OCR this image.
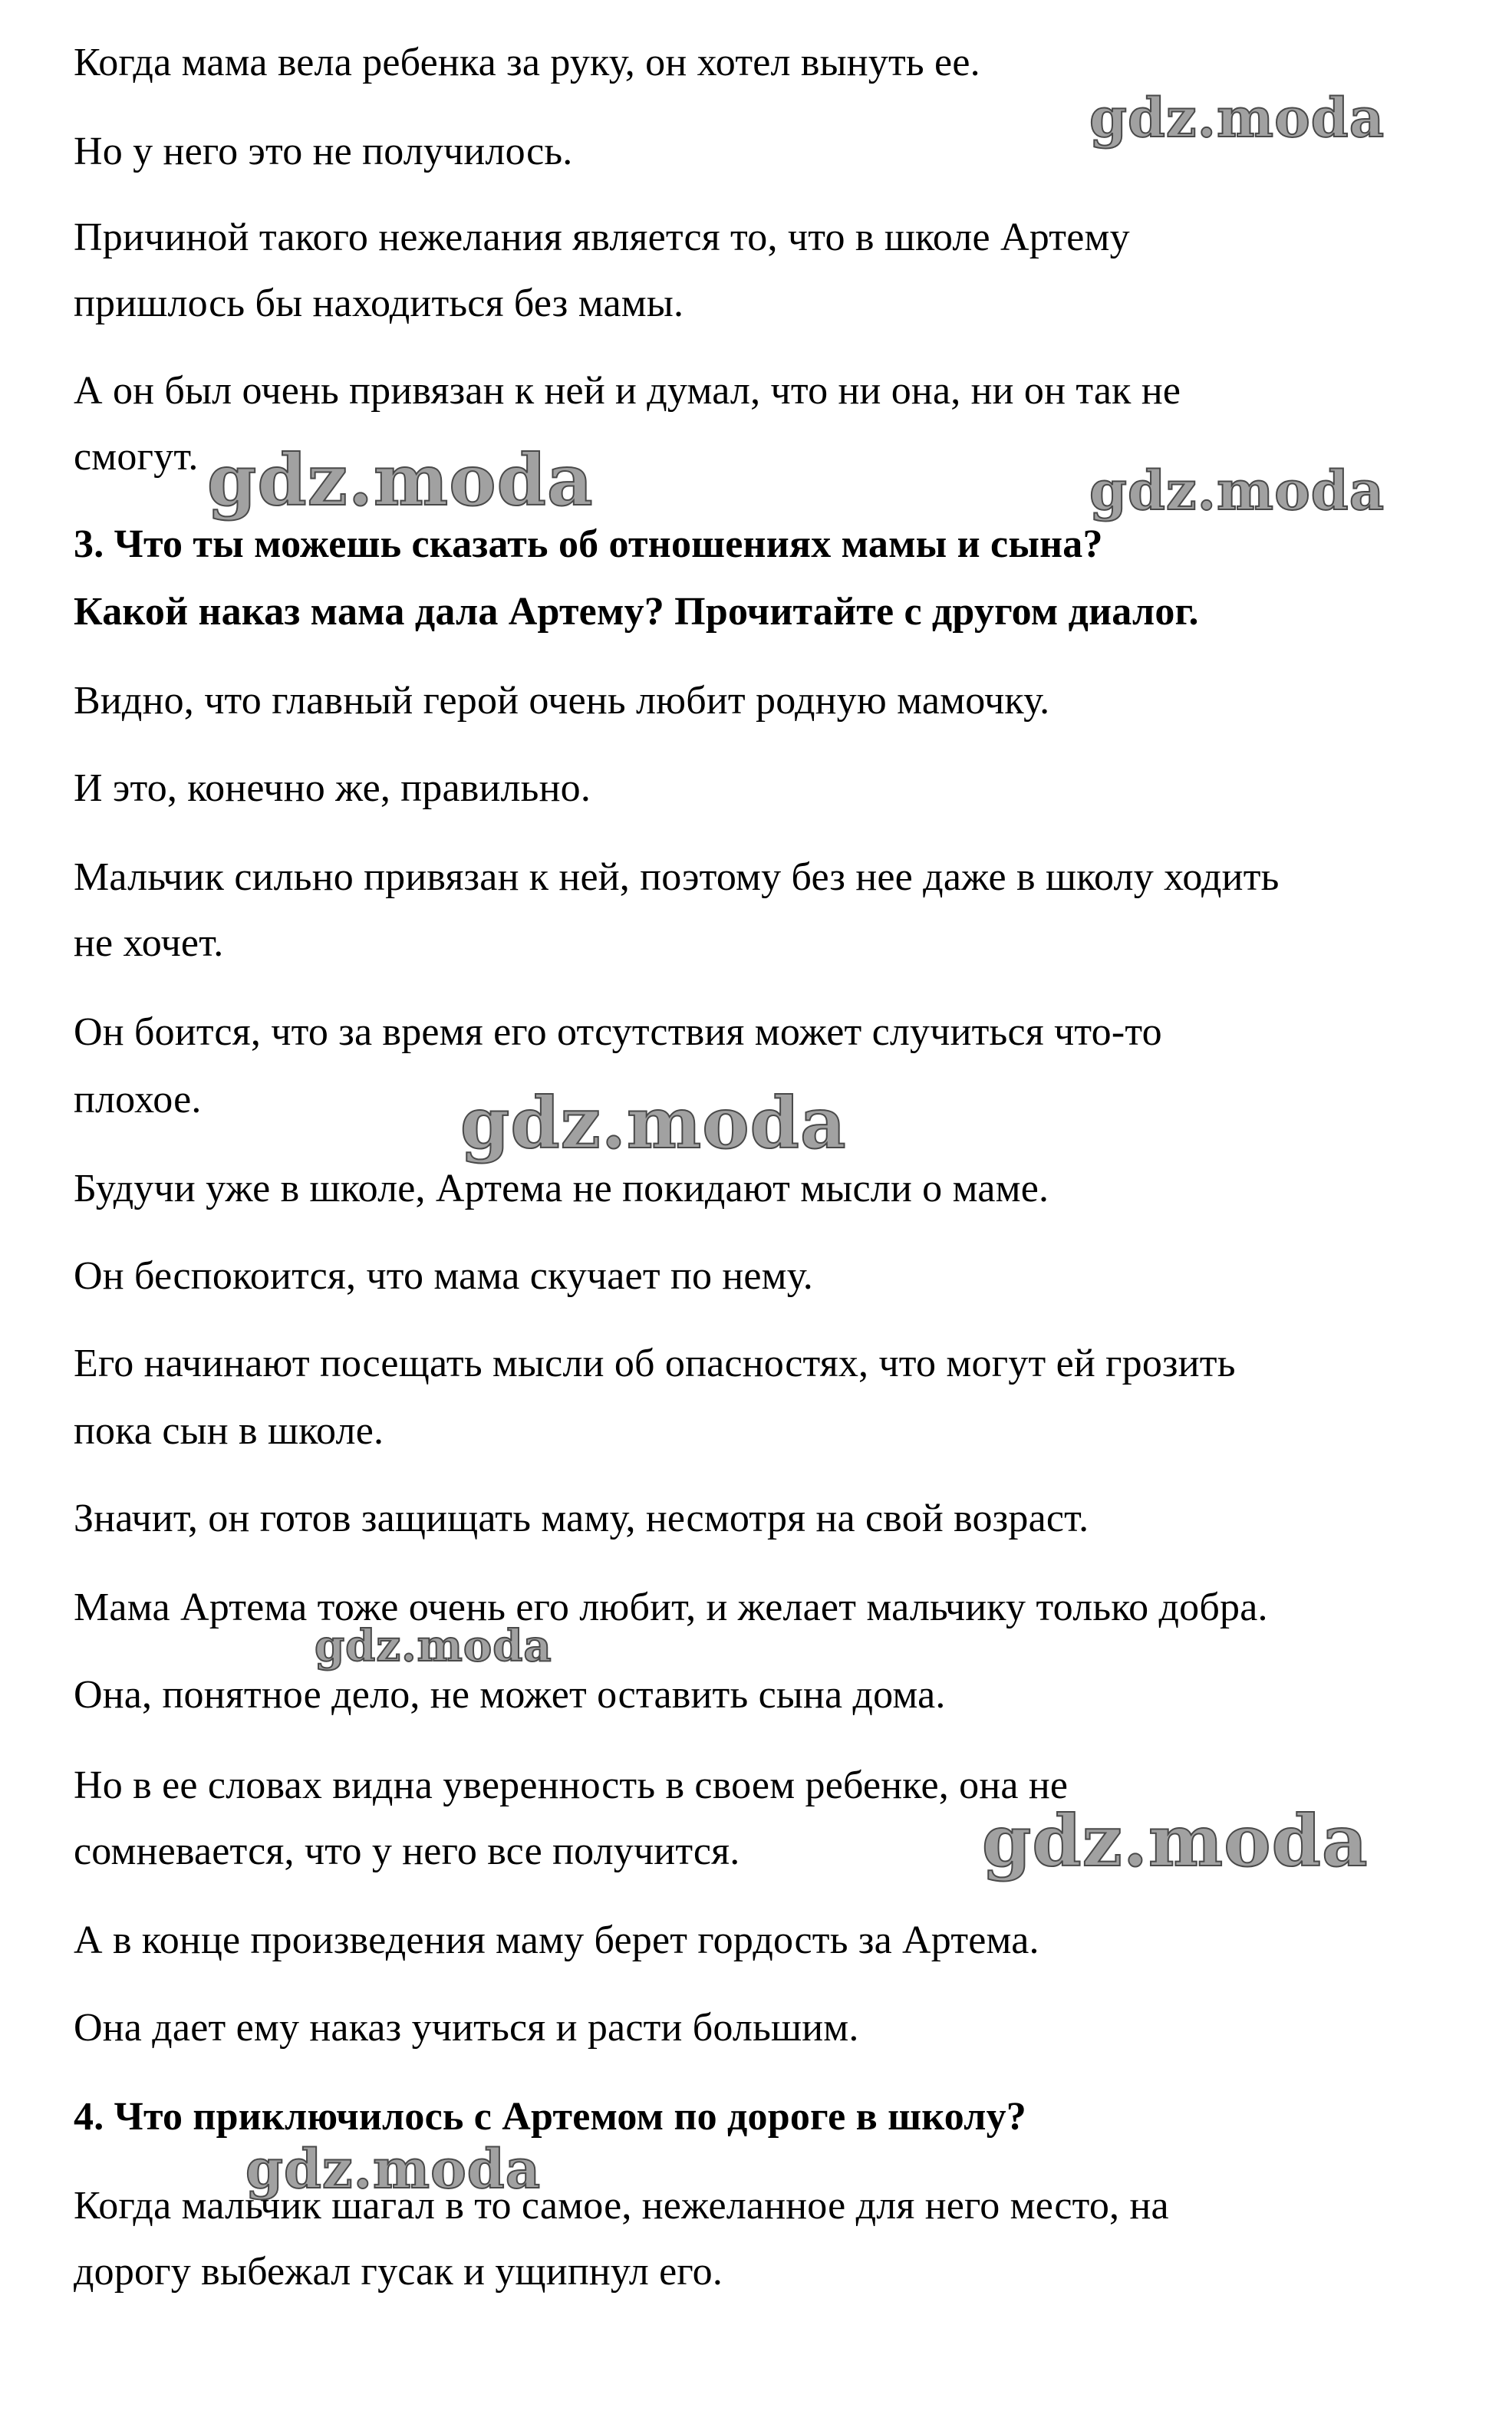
Когда мама вела ребенка за руку, он хотел вынуть ее.
Но у него это не получилось.
Причиной такого нежелания является то, что в школе Артему
пришлось бы находиться без мамы.
А он был очень привязан к ней и думал, что ни она, ни он так не
смогут.
3. Что ты можешь сказать об отношениях мамы и сына?
Какой наказ мама дала Артему? Прочитайте с другом диалог.
Видно, что главный герой очень любит родную мамочку.
И это, конечно же, правильно.
Мальчик сильно привязан к ней, поэтому без нее даже в школу ходить
не хочет.
Он боится, что за время его отсутствия может случиться что-то
плохое.
Будучи уже в школе, Артема не покидают мысли о маме.
Он беспокоится, что мама скучает по нему.
Его начинают посещать мысли об опасностях, что могут ей грозить
пока сын в школе.
Значит, он готов защищать маму, несмотря на свой возраст.
Мама Артема тоже очень его любит, и желает мальчику только добра.
Она, понятное дело, не может оставить сына дома.
Но в ее словах видна уверенность в своем ребенке, она не
сомневается, что у него все получится.
А в конце произведения маму берет гордость за Артема.
Она дает ему наказ учиться и расти большим.
4. Что приключилось с Артемом по дороге в школу?
Когда мальчик шагал в то самое, нежеланное для него место, на
дорогу выбежал гусак и ущипнул его.
gdz.moda
gdz.moda	gdz.moda
gdz.moda
gdz.moda
gdz.moda
gdz.moda
